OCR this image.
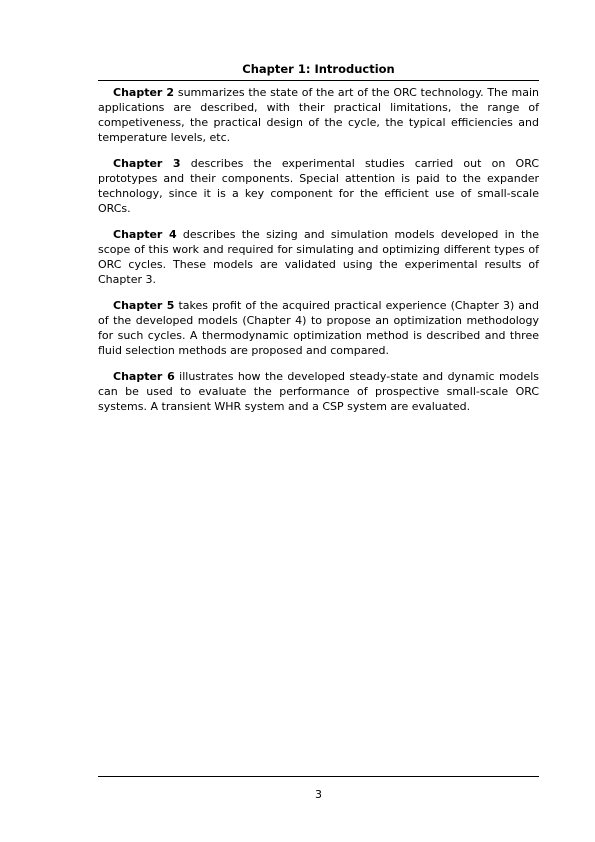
Chapter 1: Introduction

Chapter 2 summarizes the state of the art of the ORC technology. The main applications are described, with their practical limitations, the range of competiveness, the practical design of the cycle, the typical efficiencies and temperature levels, etc.

Chapter 3 describes the experimental studies carried out on ORC prototypes and their components. Special attention is paid to the expander technology, since it is a key component for the efficient use of small-scale ORCs.

Chapter 4 describes the sizing and simulation models developed in the scope of this work and required for simulating and optimizing different types of ORC cycles. These models are validated using the experimental results of Chapter 3.

Chapter 5 takes profit of the acquired practical experience (Chapter 3) and of the developed models (Chapter 4) to propose an optimization methodology for such cycles. A thermodynamic optimization method is described and three fluid selection methods are proposed and compared.

Chapter 6 illustrates how the developed steady-state and dynamic models can be used to evaluate the performance of prospective small-scale ORC systems. A transient WHR system and a CSP system are evaluated.

3
